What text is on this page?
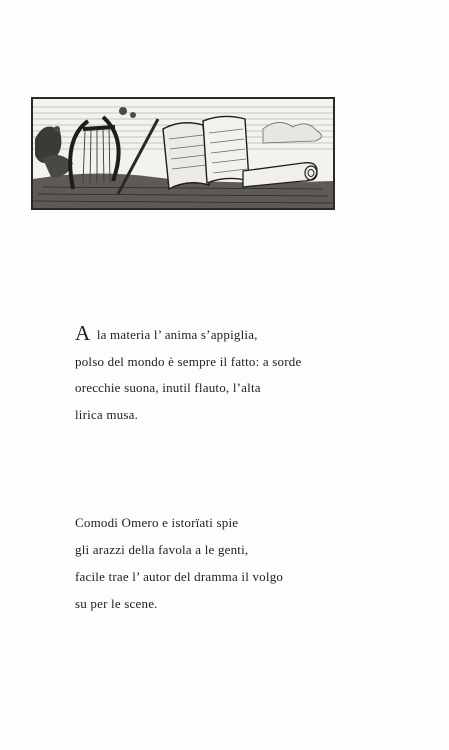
A la materia l’ anima s’appiglia,
polso del mondo è sempre il fatto: a sorde
orecchie suona, inutil flauto, l’alta
lirica musa.
Comodi Omero e istorïati spie
gli arazzi della favola a le genti,
facile trae l’ autor del dramma il volgo
su per le scene.
